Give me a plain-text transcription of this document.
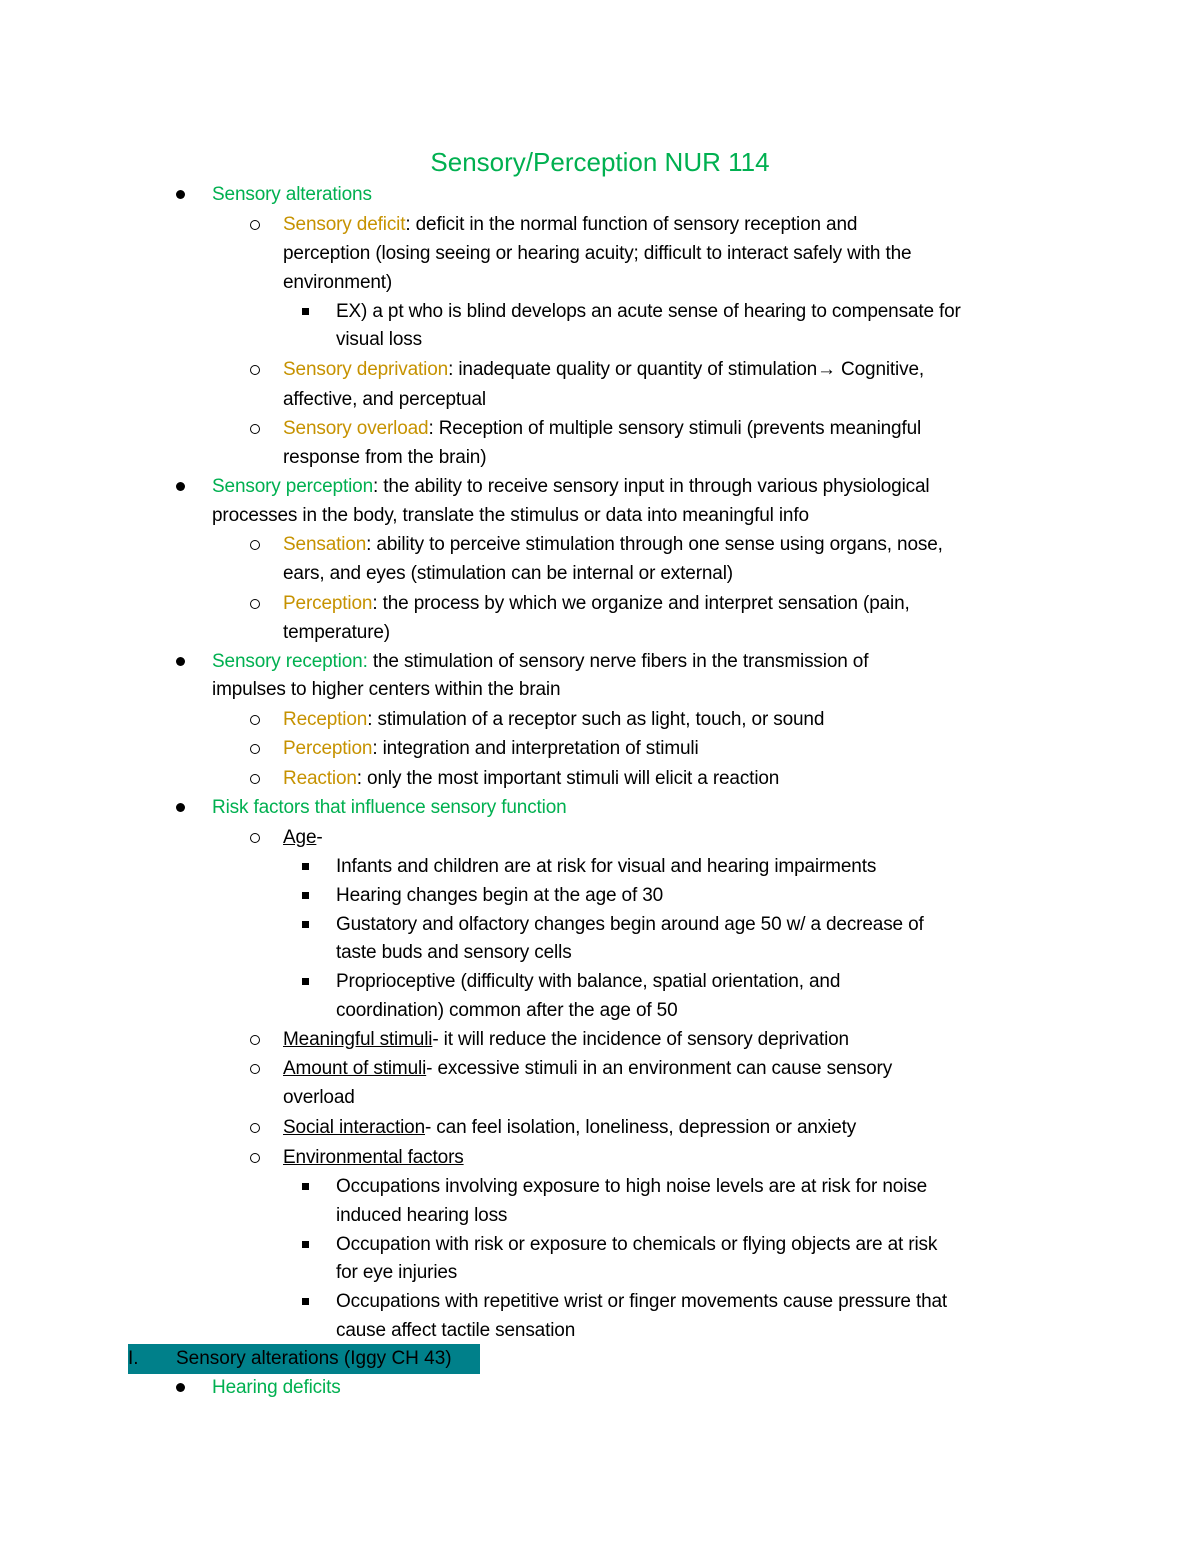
Sensory/Perception NUR 114
Sensory alterations
Sensory deficit: deficit in the normal function of sensory reception and
perception (losing seeing or hearing acuity; difficult to interact safely with the
environment)
EX) a pt who is blind develops an acute sense of hearing to compensate for
visual loss
Sensory deprivation: inadequate quality or quantity of stimulation→ Cognitive,
affective, and perceptual
Sensory overload: Reception of multiple sensory stimuli (prevents meaningful
response from the brain)
Sensory perception: the ability to receive sensory input in through various physiological
processes in the body, translate the stimulus or data into meaningful info
Sensation: ability to perceive stimulation through one sense using organs, nose,
ears, and eyes (stimulation can be internal or external)
Perception: the process by which we organize and interpret sensation (pain,
temperature)
Sensory reception: the stimulation of sensory nerve fibers in the transmission of
impulses to higher centers within the brain
Reception: stimulation of a receptor such as light, touch, or sound
Perception: integration and interpretation of stimuli
Reaction: only the most important stimuli will elicit a reaction
Risk factors that influence sensory function
Age-
Infants and children are at risk for visual and hearing impairments
Hearing changes begin at the age of 30
Gustatory and olfactory changes begin around age 50 w/ a decrease of
taste buds and sensory cells
Proprioceptive (difficulty with balance, spatial orientation, and
coordination) common after the age of 50
Meaningful stimuli- it will reduce the incidence of sensory deprivation
Amount of stimuli- excessive stimuli in an environment can cause sensory
overload
Social interaction- can feel isolation, loneliness, depression or anxiety
Environmental factors
Occupations involving exposure to high noise levels are at risk for noise
induced hearing loss
Occupation with risk or exposure to chemicals or flying objects are at risk
for eye injuries
Occupations with repetitive wrist or finger movements cause pressure that
cause affect tactile sensation
I. Sensory alterations (Iggy CH 43)
Hearing deficits
